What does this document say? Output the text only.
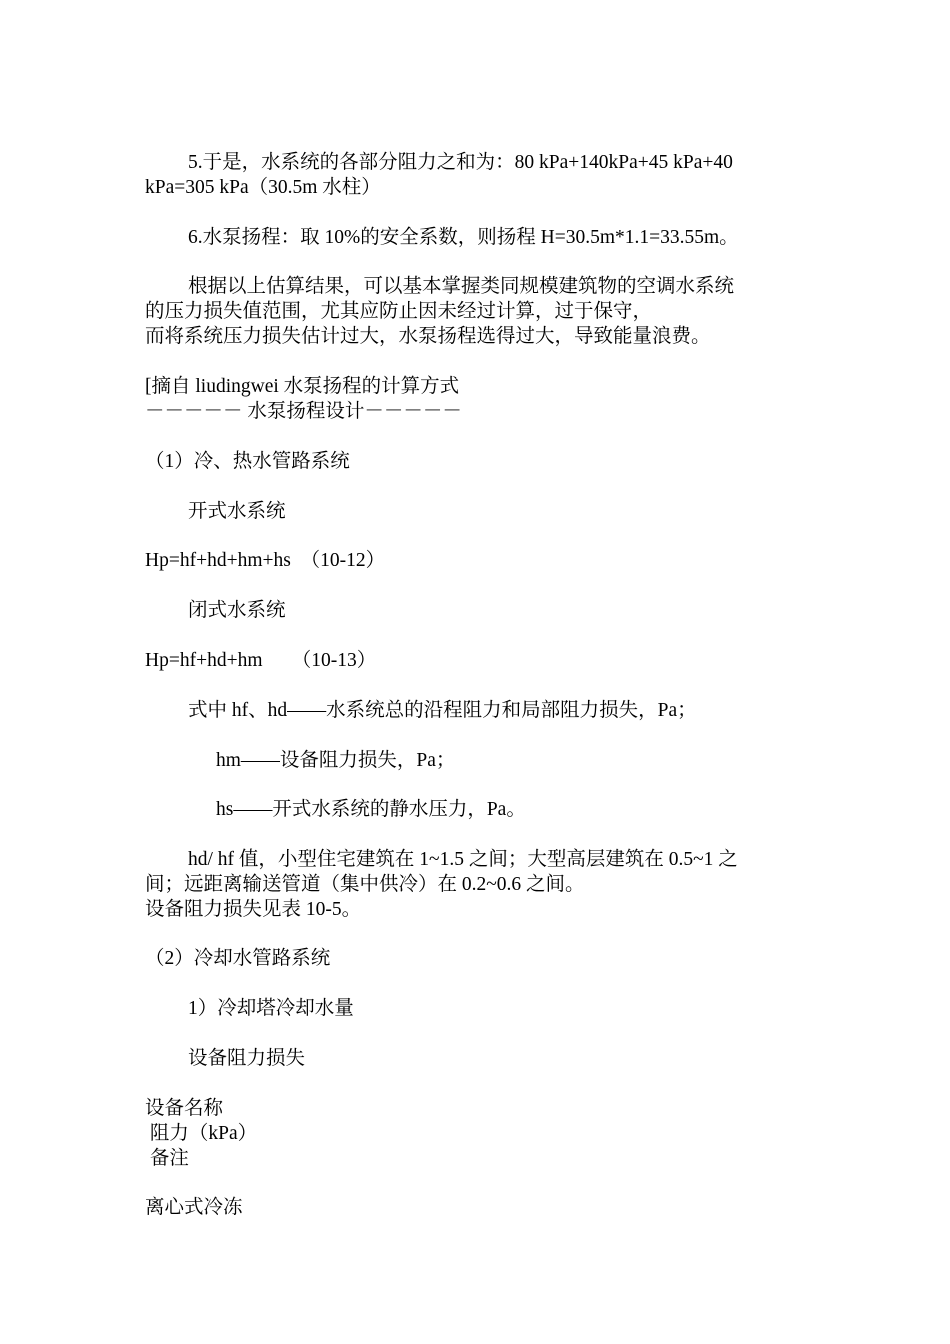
5.于是，水系统的各部分阻力之和为：80 kPa+140kPa+45 kPa+40

kPa=305 kPa（30.5m 水柱）

6.水泵扬程：取 10%的安全系数，则扬程 H=30.5m*1.1=33.55m。

根据以上估算结果，可以基本掌握类同规模建筑物的空调水系统

的压力损失值范围，尤其应防止因未经过计算，过于保守，

而将系统压力损失估计过大，水泵扬程选得过大，导致能量浪费。

[摘自 liudingwei 水泵扬程的计算方式

－－－－－ 水泵扬程设计－－－－－

（1）冷、热水管路系统

开式水系统

Hp=hf+hd+hm+hs　（10-12）

闭式水系统

Hp=hf+hd+hm　　（10-13）

式中 hf、hd——水系统总的沿程阻力和局部阻力损失，Pa；

hm——设备阻力损失，Pa；

hs——开式水系统的静水压力，Pa。

hd/ hf 值，小型住宅建筑在 1~1.5 之间；大型高层建筑在 0.5~1 之

间；远距离输送管道（集中供冷）在 0.2~0.6 之间。

设备阻力损失见表 10-5。

（2）冷却水管路系统

1）冷却塔冷却水量

设备阻力损失

设备名称

阻力（kPa）

备注

离心式冷冻
